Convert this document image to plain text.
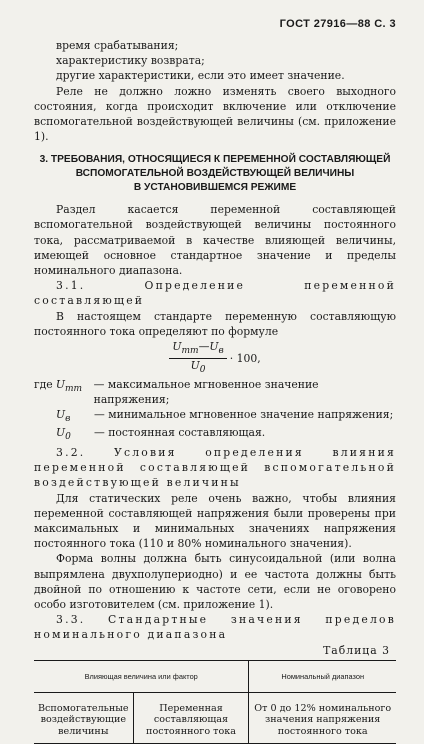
ГОСТ 27916—88 С. 3

время срабатывания;

характеристику возврата;

другие характеристики, если это имеет значение.

Реле не должно ложно изменять своего выходного состояния, когда происходит включение или отключение вспомогательной воздействующей величины (см. приложение 1).

3. ТРЕБОВАНИЯ, ОТНОСЯЩИЕСЯ К ПЕРЕМЕННОЙ СОСТАВЛЯЮЩЕЙ
ВСПОМОГАТЕЛЬНОЙ ВОЗДЕЙСТВУЮЩЕЙ ВЕЛИЧИНЫ
В УСТАНОВИВШЕМСЯ РЕЖИМЕ

Раздел касается переменной составляющей вспомогательной воздействующей величины постоянного тока, рассматриваемой в качестве влияющей величины, имеющей основное стандартное значение и пределы номинального диапазона.

3.1. Определение переменной составляющей

В настоящем стандарте переменную составляющую постоянного тока определяют по формуле

$\frac{U_{mm}—U_в}{U_0} \cdot 100$,
где $U_{mm}$	— максимальное мгновенное значение напряжения;
$U_в$	— минимальное мгновенное значение напряжения;
$U_0$	— постоянная составляющая.

3.2. Условия определения влияния переменной составляющей вспомогательной воздействующей величины

Для статических реле очень важно, чтобы влияния переменной составляющей напряжения были проверены при максимальных и минимальных значениях напряжения постоянного тока (110 и 80% номинального значения).

Форма волны должна быть синусоидальной (или волна выпрямлена двухполупериодно) и ее частота должны быть двойной по отношению к частоте сети, если не оговорено особо изготовителем (см. приложение 1).

3.3. Стандартные значения пределов номинального диапазона

Таблица 3
Влияющая величина или фактор		Номинальный диапазон
Вспомогательные воздействующие величины	Переменная составляющая постоянного тока	От 0 до 12% номинального значения напряжения постоянного тока
